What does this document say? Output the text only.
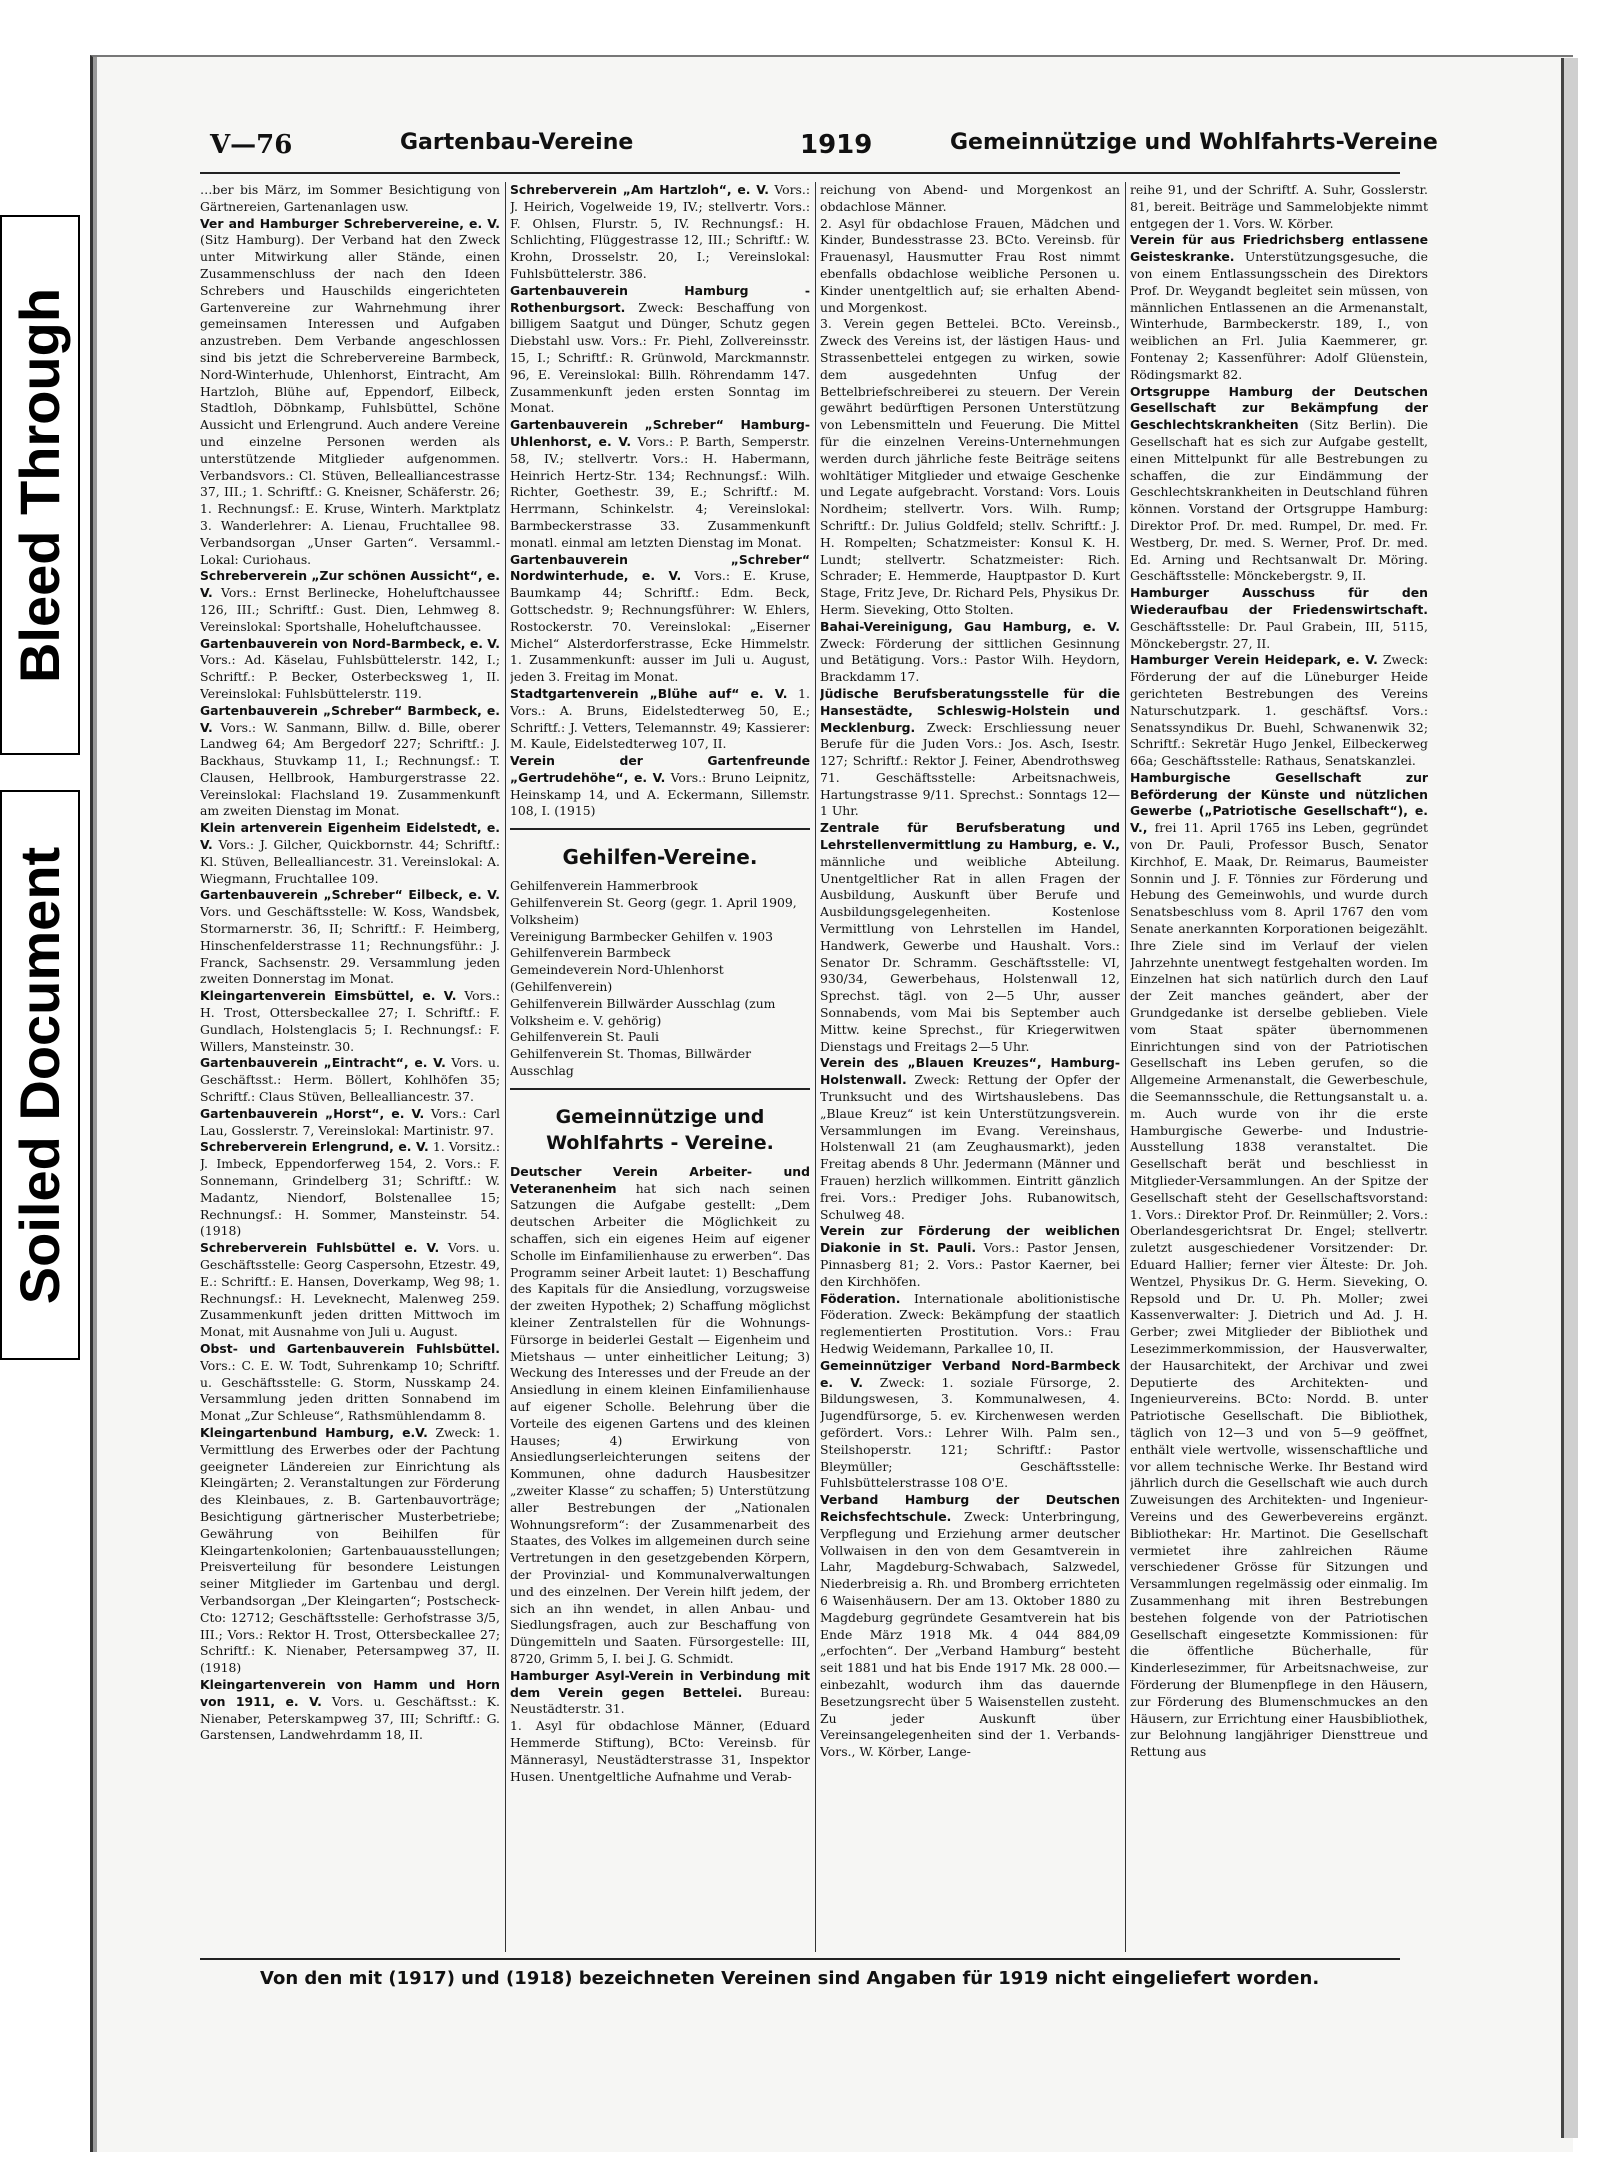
Bleed Through
Soiled Document
V—76	Gartenbau-Vereine	1919	Gemeinnützige und Wohlfahrts-Vereine

…ber bis März, im Sommer Besichtigung von Gärtnereien, Gartenanlagen usw.

Ver and Hamburger Schrebervereine, e. V. (Sitz Hamburg). Der Verband hat den Zweck unter Mitwirkung aller Stände, einen Zusammenschluss der nach den Ideen Schrebers und Hauschilds eingerichteten Gartenvereine zur Wahrnehmung ihrer gemeinsamen Interessen und Aufgaben anzustreben. Dem Verbande angeschlossen sind bis jetzt die Schrebervereine Barmbeck, Nord-Winterhude, Uhlenhorst, Eintracht, Am Hartzloh, Blühe auf, Eppendorf, Eilbeck, Stadtloh, Döbnkamp, Fuhlsbüttel, Schöne Aussicht und Erlengrund. Auch andere Vereine und einzelne Personen werden als unterstützende Mitglieder aufgenommen. Verbandsvors.: Cl. Stüven, Bellealliancestrasse 37, III.; 1. Schriftf.: G. Kneisner, Schäferstr. 26; 1. Rechnungsf.: E. Kruse, Winterh. Marktplatz 3. Wanderlehrer: A. Lienau, Fruchtallee 98. Verbandsorgan „Unser Garten“. Versamml.-Lokal: Curiohaus.

Schreberverein „Zur schönen Aussicht“, e. V. Vors.: Ernst Berlinecke, Hoheluftchaussee 126, III.; Schriftf.: Gust. Dien, Lehmweg 8. Vereinslokal: Sportshalle, Hoheluftchaussee.

Gartenbauverein von Nord-Barmbeck, e. V. Vors.: Ad. Käselau, Fuhlsbüttelerstr. 142, I.; Schriftf.: P. Becker, Osterbecksweg 1, II. Vereinslokal: Fuhlsbüttelerstr. 119.

Gartenbauverein „Schreber“ Barmbeck, e. V. Vors.: W. Sanmann, Billw. d. Bille, oberer Landweg 64; Am Bergedorf 227; Schriftf.: J. Backhaus, Stuvkamp 11, I.; Rechnungsf.: T. Clausen, Hellbrook, Hamburgerstrasse 22. Vereinslokal: Flachsland 19. Zusammenkunft am zweiten Dienstag im Monat.

Klein artenverein Eigenheim Eidelstedt, e. V. Vors.: J. Gilcher, Quickbornstr. 44; Schriftf.: Kl. Stüven, Bellealliancestr. 31. Vereinslokal: A. Wiegmann, Fruchtallee 109.

Gartenbauverein „Schreber“ Eilbeck, e. V. Vors. und Geschäftsstelle: W. Koss, Wandsbek, Stormarnerstr. 36, II; Schriftf.: F. Heimberg, Hinschenfelderstrasse 11; Rechnungsführ.: J. Franck, Sachsenstr. 29. Versammlung jeden zweiten Donnerstag im Monat.

Kleingartenverein Eimsbüttel, e. V. Vors.: H. Trost, Ottersbeckallee 27; I. Schriftf.: F. Gundlach, Holstenglacis 5; I. Rechnungsf.: F. Willers, Mansteinstr. 30.

Gartenbauverein „Eintracht“, e. V. Vors. u. Geschäftsst.: Herm. Böllert, Kohlhöfen 35; Schriftf.: Claus Stüven, Bellealliancestr. 37.

Gartenbauverein „Horst“, e. V. Vors.: Carl Lau, Gosslerstr. 7, Vereinslokal: Martinistr. 97.

Schreberverein Erlengrund, e. V. 1. Vorsitz.: J. Imbeck, Eppendorferweg 154, 2. Vors.: F. Sonnemann, Grindelberg 31; Schriftf.: W. Madantz, Niendorf, Bolstenallee 15; Rechnungsf.: H. Sommer, Mansteinstr. 54. (1918)

Schreberverein Fuhlsbüttel e. V. Vors. u. Geschäftsstelle: Georg Caspersohn, Etzestr. 49, E.: Schriftf.: E. Hansen, Doverkamp, Weg 98; 1. Rechnungsf.: H. Leveknecht, Malenweg 259. Zusammenkunft jeden dritten Mittwoch im Monat, mit Ausnahme von Juli u. August.

Obst- und Gartenbauverein Fuhlsbüttel. Vors.: C. E. W. Todt, Suhrenkamp 10; Schriftf. u. Geschäftsstelle: G. Storm, Nusskamp 24. Versammlung jeden dritten Sonnabend im Monat „Zur Schleuse“, Rathsmühlendamm 8.

Kleingartenbund Hamburg, e.V. Zweck: 1. Vermittlung des Erwerbes oder der Pachtung geeigneter Ländereien zur Einrichtung als Kleingärten; 2. Veranstaltungen zur Förderung des Kleinbaues, z. B. Gartenbauvorträge; Besichtigung gärtnerischer Musterbetriebe; Gewährung von Beihilfen für Kleingartenkolonien; Gartenbauausstellungen; Preisverteilung für besondere Leistungen seiner Mitglieder im Gartenbau und dergl. Verbandsorgan „Der Kleingarten“; Postscheck-Cto: 12712; Geschäftsstelle: Gerhofstrasse 3/5, III.; Vors.: Rektor H. Trost, Ottersbeckallee 27; Schriftf.: K. Nienaber, Petersampweg 37, II. (1918)

Kleingartenverein von Hamm und Horn von 1911, e. V. Vors. u. Geschäftsst.: K. Nienaber, Peterskampweg 37, III; Schriftf.: G. Garstensen, Landwehrdamm 18, II.

Schreberverein „Am Hartzloh“, e. V. Vors.: J. Heirich, Vogelweide 19, IV.; stellvertr. Vors.: F. Ohlsen, Flurstr. 5, IV. Rechnungsf.: H. Schlichting, Flüggestrasse 12, III.; Schriftf.: W. Krohn, Drosselstr. 20, I.; Vereinslokal: Fuhlsbüttelerstr. 386.

Gartenbauverein Hamburg - Rothenburgsort. Zweck: Beschaffung von billigem Saatgut und Dünger, Schutz gegen Diebstahl usw. Vors.: Fr. Piehl, Zollvereinsstr. 15, I.; Schriftf.: R. Grünwold, Marckmannstr. 96, E. Vereinslokal: Billh. Röhrendamm 147. Zusammenkunft jeden ersten Sonntag im Monat.

Gartenbauverein „Schreber“ Hamburg-Uhlenhorst, e. V. Vors.: P. Barth, Semperstr. 58, IV.; stellvertr. Vors.: H. Habermann, Heinrich Hertz-Str. 134; Rechnungsf.: Wilh. Richter, Goethestr. 39, E.; Schriftf.: M. Herrmann, Schinkelstr. 4; Vereinslokal: Barmbeckerstrasse 33. Zusammenkunft monatl. einmal am letzten Dienstag im Monat.

Gartenbauverein „Schreber“ Nordwinterhude, e. V. Vors.: E. Kruse, Baumkamp 44; Schriftf.: Edm. Beck, Gottschedstr. 9; Rechnungsführer: W. Ehlers, Rostockerstr. 70. Vereinslokal: „Eiserner Michel“ Alsterdorferstrasse, Ecke Himmelstr. 1. Zusammenkunft: ausser im Juli u. August, jeden 3. Freitag im Monat.

Stadtgartenverein „Blühe auf“ e. V. 1. Vors.: A. Bruns, Eidelstedterweg 50, E.; Schriftf.: J. Vetters, Telemannstr. 49; Kassierer: M. Kaule, Eidelstedterweg 107, II.

Verein der Gartenfreunde „Gertrudehöhe“, e. V. Vors.: Bruno Leipnitz, Heinskamp 14, und A. Eckermann, Sillemstr. 108, I. (1915)

Gehilfen-Vereine.

Gehilfenverein Hammerbrook

Gehilfenverein St. Georg (gegr. 1. April 1909, Volksheim)

Vereinigung Barmbecker Gehilfen v. 1903

Gehilfenverein Barmbeck

Gemeindeverein Nord-Uhlenhorst (Gehilfenverein)

Gehilfenverein Billwärder Ausschlag (zum Volksheim e. V. gehörig)

Gehilfenverein St. Pauli

Gehilfenverein St. Thomas, Billwärder Ausschlag

Gemeinnützige und Wohlfahrts - Vereine.

Deutscher Verein Arbeiter- und Veteranenheim hat sich nach seinen Satzungen die Aufgabe gestellt: „Dem deutschen Arbeiter die Möglichkeit zu schaffen, sich ein eigenes Heim auf eigener Scholle im Einfamilienhause zu erwerben“. Das Programm seiner Arbeit lautet: 1) Beschaffung des Kapitals für die Ansiedlung, vorzugsweise der zweiten Hypothek; 2) Schaffung möglichst kleiner Zentralstellen für die Wohnungs-Fürsorge in beiderlei Gestalt — Eigenheim und Mietshaus — unter einheitlicher Leitung; 3) Weckung des Interesses und der Freude an der Ansiedlung in einem kleinen Einfamilienhause auf eigener Scholle. Belehrung über die Vorteile des eigenen Gartens und des kleinen Hauses; 4) Erwirkung von Ansiedlungserleichterungen seitens der Kommunen, ohne dadurch Hausbesitzer „zweiter Klasse“ zu schaffen; 5) Unterstützung aller Bestrebungen der „Nationalen Wohnungsreform“: der Zusammenarbeit des Staates, des Volkes im allgemeinen durch seine Vertretungen in den gesetzgebenden Körpern, der Provinzial- und Kommunalverwaltungen und des einzelnen. Der Verein hilft jedem, der sich an ihn wendet, in allen Anbau- und Siedlungsfragen, auch zur Beschaffung von Düngemitteln und Saaten. Fürsorgestelle: III, 8720, Grimm 5, I. bei J. G. Schmidt.

Hamburger Asyl-Verein in Verbindung mit dem Verein gegen Bettelei. Bureau: Neustädterstr. 31.

1. Asyl für obdachlose Männer, (Eduard Hemmerde Stiftung), BCto: Vereinsb. für Männerasyl, Neustädterstrasse 31, Inspektor Husen. Unentgeltliche Aufnahme und Verab-

reichung von Abend- und Morgenkost an obdachlose Männer.

2. Asyl für obdachlose Frauen, Mädchen und Kinder, Bundesstrasse 23. BCto. Vereinsb. für Frauenasyl, Hausmutter Frau Rost nimmt ebenfalls obdachlose weibliche Personen u. Kinder unentgeltlich auf; sie erhalten Abend- und Morgenkost.

3. Verein gegen Bettelei. BCto. Vereinsb., Zweck des Vereins ist, der lästigen Haus- und Strassenbettelei entgegen zu wirken, sowie dem ausgedehnten Unfug der Bettelbriefschreiberei zu steuern. Der Verein gewährt bedürftigen Personen Unterstützung von Lebensmitteln und Feuerung. Die Mittel für die einzelnen Vereins-Unternehmungen werden durch jährliche feste Beiträge seitens wohltätiger Mitglieder und etwaige Geschenke und Legate aufgebracht. Vorstand: Vors. Louis Nordheim; stellvertr. Vors. Wilh. Rump; Schriftf.: Dr. Julius Goldfeld; stellv. Schriftf.: J. H. Rompelten; Schatzmeister: Konsul K. H. Lundt; stellvertr. Schatzmeister: Rich. Schrader; E. Hemmerde, Hauptpastor D. Kurt Stage, Fritz Jeve, Dr. Richard Pels, Physikus Dr. Herm. Sieveking, Otto Stolten.

Bahai-Vereinigung, Gau Hamburg, e. V. Zweck: Förderung der sittlichen Gesinnung und Betätigung. Vors.: Pastor Wilh. Heydorn, Brackdamm 17.

Jüdische Berufsberatungsstelle für die Hansestädte, Schleswig-Holstein und Mecklenburg. Zweck: Erschliessung neuer Berufe für die Juden Vors.: Jos. Asch, Isestr. 127; Schriftf.: Rektor J. Feiner, Abendrothsweg 71. Geschäftsstelle: Arbeitsnachweis, Hartungstrasse 9/11. Sprechst.: Sonntags 12—1 Uhr.

Zentrale für Berufsberatung und Lehrstellenvermittlung zu Hamburg, e. V., männliche und weibliche Abteilung. Unentgeltlicher Rat in allen Fragen der Ausbildung, Auskunft über Berufe und Ausbildungsgelegenheiten. Kostenlose Vermittlung von Lehrstellen im Handel, Handwerk, Gewerbe und Haushalt. Vors.: Senator Dr. Schramm. Geschäftsstelle: VI, 930/34, Gewerbehaus, Holstenwall 12, Sprechst. tägl. von 2—5 Uhr, ausser Sonnabends, vom Mai bis September auch Mittw. keine Sprechst., für Kriegerwitwen Dienstags und Freitags 2—5 Uhr.

Verein des „Blauen Kreuzes“, Hamburg-Holstenwall. Zweck: Rettung der Opfer der Trunksucht und des Wirtshauslebens. Das „Blaue Kreuz“ ist kein Unterstützungsverein. Versammlungen im Evang. Vereinshaus, Holstenwall 21 (am Zeughausmarkt), jeden Freitag abends 8 Uhr. Jedermann (Männer und Frauen) herzlich willkommen. Eintritt gänzlich frei. Vors.: Prediger Johs. Rubanowitsch, Schulweg 48.

Verein zur Förderung der weiblichen Diakonie in St. Pauli. Vors.: Pastor Jensen, Pinnasberg 81; 2. Vors.: Pastor Kaerner, bei den Kirchhöfen.

Föderation. Internationale abolitionistische Föderation. Zweck: Bekämpfung der staatlich reglementierten Prostitution. Vors.: Frau Hedwig Weidemann, Parkallee 10, II.

Gemeinnütziger Verband Nord-Barmbeck e. V. Zweck: 1. soziale Fürsorge, 2. Bildungswesen, 3. Kommunalwesen, 4. Jugendfürsorge, 5. ev. Kirchenwesen werden gefördert. Vors.: Lehrer Wilh. Palm sen., Steilshoperstr. 121; Schriftf.: Pastor Bleymüller; Geschäftsstelle: Fuhlsbüttelerstrasse 108 O'E.

Verband Hamburg der Deutschen Reichsfechtschule. Zweck: Unterbringung, Verpflegung und Erziehung armer deutscher Vollwaisen in den von dem Gesamtverein in Lahr, Magdeburg-Schwabach, Salzwedel, Niederbreisig a. Rh. und Bromberg errichteten 6 Waisenhäusern. Der am 13. Oktober 1880 zu Magdeburg gegründete Gesamtverein hat bis Ende März 1918 Mk. 4 044 884,09 „erfochten“. Der „Verband Hamburg“ besteht seit 1881 und hat bis Ende 1917 Mk. 28 000.— einbezahlt, wodurch ihm das dauernde Besetzungsrecht über 5 Waisenstellen zusteht. Zu jeder Auskunft über Vereinsangelegenheiten sind der 1. Verbands-Vors., W. Körber, Lange-

reihe 91, und der Schriftf. A. Suhr, Gosslerstr. 81, bereit. Beiträge und Sammelobjekte nimmt entgegen der 1. Vors. W. Körber.

Verein für aus Friedrichsberg entlassene Geisteskranke. Unterstützungsgesuche, die von einem Entlassungsschein des Direktors Prof. Dr. Weygandt begleitet sein müssen, von männlichen Entlassenen an die Armenanstalt, Winterhude, Barmbeckerstr. 189, I., von weiblichen an Frl. Julia Kaemmerer, gr. Fontenay 2; Kassenführer: Adolf Glüenstein, Rödingsmarkt 82.

Ortsgruppe Hamburg der Deutschen Gesellschaft zur Bekämpfung der Geschlechtskrankheiten (Sitz Berlin). Die Gesellschaft hat es sich zur Aufgabe gestellt, einen Mittelpunkt für alle Bestrebungen zu schaffen, die zur Eindämmung der Geschlechtskrankheiten in Deutschland führen können. Vorstand der Ortsgruppe Hamburg: Direktor Prof. Dr. med. Rumpel, Dr. med. Fr. Westberg, Dr. med. S. Werner, Prof. Dr. med. Ed. Arning und Rechtsanwalt Dr. Möring. Geschäftsstelle: Mönckebergstr. 9, II.

Hamburger Ausschuss für den Wiederaufbau der Friedenswirtschaft. Geschäftsstelle: Dr. Paul Grabein, III, 5115, Mönckebergstr. 27, II.

Hamburger Verein Heidepark, e. V. Zweck: Förderung der auf die Lüneburger Heide gerichteten Bestrebungen des Vereins Naturschutzpark. 1. geschäftsf. Vors.: Senatssyndikus Dr. Buehl, Schwanenwik 32; Schriftf.: Sekretär Hugo Jenkel, Eilbeckerweg 66a; Geschäftsstelle: Rathaus, Senatskanzlei.

Hamburgische Gesellschaft zur Beförderung der Künste und nützlichen Gewerbe („Patriotische Gesellschaft“), e. V., frei 11. April 1765 ins Leben, gegründet von Dr. Pauli, Professor Busch, Senator Kirchhof, E. Maak, Dr. Reimarus, Baumeister Sonnin und J. F. Tönnies zur Förderung und Hebung des Gemeinwohls, und wurde durch Senatsbeschluss vom 8. April 1767 den vom Senate anerkannten Korporationen beigezählt. Ihre Ziele sind im Verlauf der vielen Jahrzehnte unentwegt festgehalten worden. Im Einzelnen hat sich natürlich durch den Lauf der Zeit manches geändert, aber der Grundgedanke ist derselbe geblieben. Viele vom Staat später übernommenen Einrichtungen sind von der Patriotischen Gesellschaft ins Leben gerufen, so die Allgemeine Armenanstalt, die Gewerbeschule, die Seemannsschule, die Rettungsanstalt u. a. m. Auch wurde von ihr die erste Hamburgische Gewerbe- und Industrie-Ausstellung 1838 veranstaltet. Die Gesellschaft berät und beschliesst in Mitglieder-Versammlungen. An der Spitze der Gesellschaft steht der Gesellschaftsvorstand: 1. Vors.: Direktor Prof. Dr. Reinmüller; 2. Vors.: Oberlandesgerichtsrat Dr. Engel; stellvertr. zuletzt ausgeschiedener Vorsitzender: Dr. Eduard Hallier; ferner vier Älteste: Dr. Joh. Wentzel, Physikus Dr. G. Herm. Sieveking, O. Repsold und Dr. U. Ph. Moller; zwei Kassenverwalter: J. Dietrich und Ad. J. H. Gerber; zwei Mitglieder der Bibliothek und Lesezimmerkommission, der Hausverwalter, der Hausarchitekt, der Archivar und zwei Deputierte des Architekten- und Ingenieurvereins. BCto: Nordd. B. unter Patriotische Gesellschaft. Die Bibliothek, täglich von 12—3 und von 5—9 geöffnet, enthält viele wertvolle, wissenschaftliche und vor allem technische Werke. Ihr Bestand wird jährlich durch die Gesellschaft wie auch durch Zuweisungen des Architekten- und Ingenieur-Vereins und des Gewerbevereins ergänzt. Bibliothekar: Hr. Martinot. Die Gesellschaft vermietet ihre zahlreichen Räume verschiedener Grösse für Sitzungen und Versammlungen regelmässig oder einmalig. Im Zusammenhang mit ihren Bestrebungen bestehen folgende von der Patriotischen Gesellschaft eingesetzte Kommissionen: für die öffentliche Bücherhalle, für Kinderlesezimmer, für Arbeitsnachweise, zur Förderung der Blumenpflege in den Häusern, zur Förderung des Blumenschmuckes an den Häusern, zur Errichtung einer Hausbibliothek, zur Belohnung langjähriger Diensttreue und Rettung aus

Von den mit (1917) und (1918) bezeichneten Vereinen sind Angaben für 1919 nicht eingeliefert worden.
